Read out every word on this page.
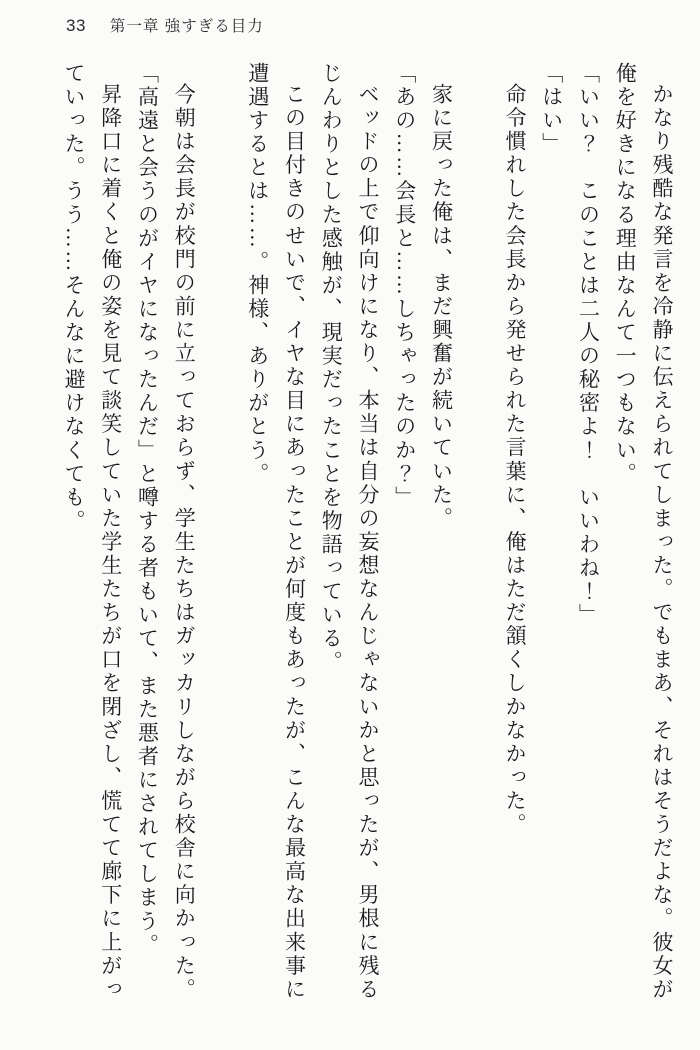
33 第一章 強すぎる目力

かなり残酷な発言を冷静に伝えられてしまった。でもまあ、それはそうだよな。彼女が俺を好きになる理由なんて一つもない。

「いい？　このことは二人の秘密よ！　いいわね！」

「はい」

命令慣れした会長から発せられた言葉に、俺はただ頷くしかなかった。

家に戻った俺は、まだ興奮が続いていた。

「あの……会長と……しちゃったのか？」

ベッドの上で仰向けになり、本当は自分の妄想なんじゃないかと思ったが、男根に残るじんわりとした感触が、現実だったことを物語っている。

この目付きのせいで、イヤな目にあったことが何度もあったが、こんな最高な出来事に遭遇するとは……。神様、ありがとう。

今朝は会長が校門の前に立っておらず、学生たちはガッカリしながら校舎に向かった。

「高遠と会うのがイヤになったんだ」と噂する者もいて、また悪者にされてしまう。

昇降口に着くと俺の姿を見て談笑していた学生たちが口を閉ざし、慌てて廊下に上がっていった。うう……そんなに避けなくても。
